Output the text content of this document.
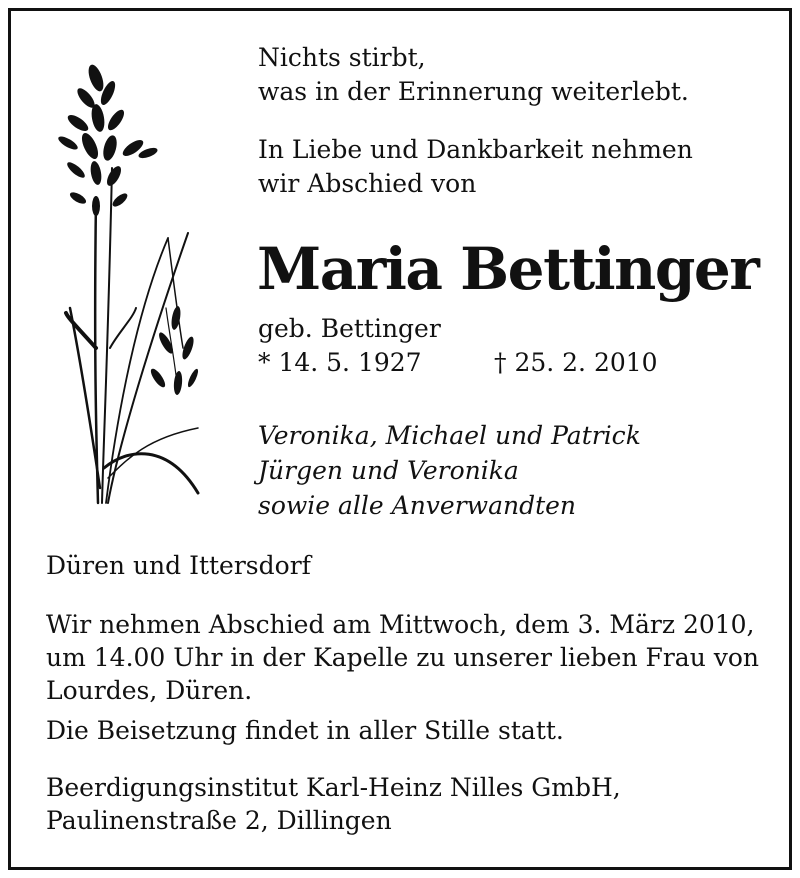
Nichts stirbt,
was in der Erinnerung weiterlebt.
In Liebe und Dankbarkeit nehmen
wir Abschied von
Maria Bettinger
geb. Bettinger
* 14. 5. 1927	† 25. 2. 2010
Veronika, Michael und Patrick
Jürgen und Veronika
sowie alle Anverwandten
Düren und Ittersdorf
Wir nehmen Abschied am Mittwoch, dem 3. März 2010,
um 14.00 Uhr in der Kapelle zu unserer lieben Frau von
Lourdes, Düren.
Die Beisetzung findet in aller Stille statt.
Beerdigungsinstitut Karl-Heinz Nilles GmbH,
Paulinenstraße 2, Dillingen
